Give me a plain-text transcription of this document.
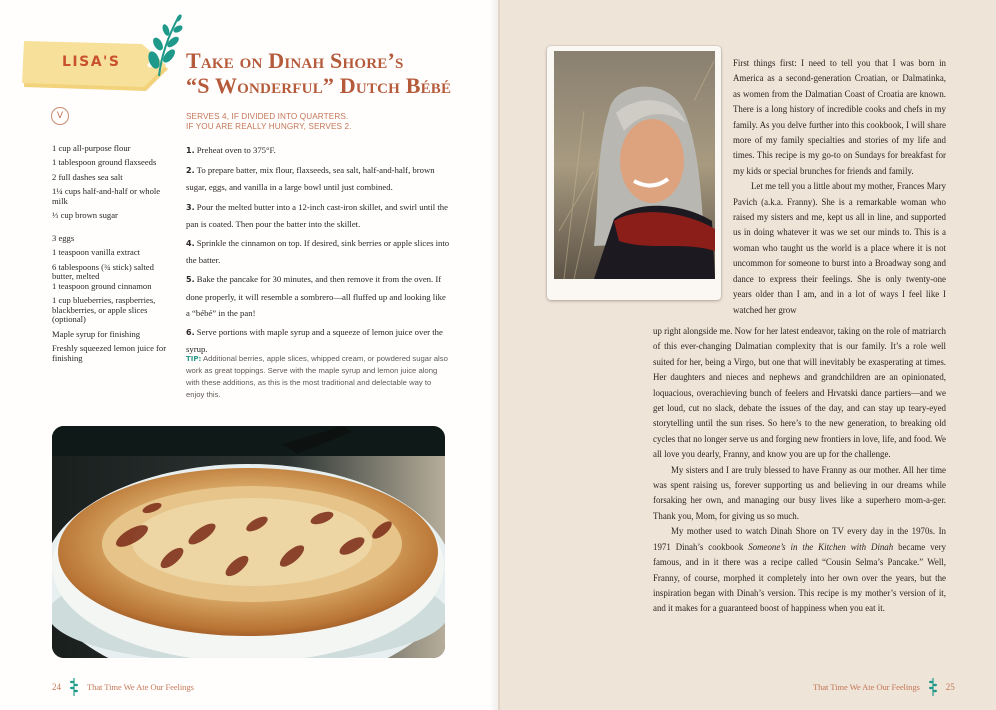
LISA'S	Take on Dinah Shore’s
“S Wonderful” Dutch Bébé
V	SERVES 4, IF DIVIDED INTO QUARTERS.
IF YOU ARE REALLY HUNGRY, SERVES 2.
1 cup all-purpose flour
1 tablespoon ground flaxseeds
2 full dashes sea salt
1¼ cups half-and-half or whole milk
⅓ cup brown sugar
3 eggs
1 teaspoon vanilla extract
6 tablespoons (¾ stick) salted butter, melted
1 teaspoon ground cinnamon
1 cup blueberries, raspberries, blackberries, or apple slices (optional)
Maple syrup for finishing
Freshly squeezed lemon juice for finishing
1. Preheat oven to 375°F.
2. To prepare batter, mix flour, flaxseeds, sea salt, half-and-half, brown sugar, eggs, and vanilla in a large bowl until just combined.
3. Pour the melted butter into a 12-inch cast-iron skillet, and swirl until the pan is coated. Then pour the batter into the skillet.
4. Sprinkle the cinnamon on top. If desired, sink berries or apple slices into the batter.
5. Bake the pancake for 30 minutes, and then remove it from the oven. If done properly, it will resemble a sombrero—all fluffed up and looking like a “bébé” in the pan!
6. Serve portions with maple syrup and a squeeze of lemon juice over the syrup.

TIP: Additional berries, apple slices, whipped cream, or powdered sugar also work as great toppings. Serve with the maple syrup and lemon juice along with these additions, as this is the most traditional and delectable way to enjoy this.

24	That Time We Ate Our Feelings

First things first: I need to tell you that I was born in America as a second-generation Croatian, or Dalmatinka, as women from the Dalmatian Coast of Croatia are known. There is a long history of incredible cooks and chefs in my family. As you delve further into this cookbook, I will share more of my family specialties and stories of my life and times. This recipe is my go-to on Sundays for breakfast for my kids or special brunches for friends and family.

Let me tell you a little about my mother, Frances Mary Pavich (a.k.a. Franny). She is a remarkable woman who raised my sisters and me, kept us all in line, and supported us in doing whatever it was we set our minds to. This is a woman who taught us the world is a place where it is not uncommon for someone to burst into a Broadway song and dance to express their feelings. She is only twenty-one years older than I am, and in a lot of ways I feel like I watched her grow

up right alongside me. Now for her latest endeavor, taking on the role of matriarch of this ever-changing Dalmatian complexity that is our family. It’s a role well suited for her, being a Virgo, but one that will inevitably be exasperating at times. Her daughters and nieces and nephews and grandchildren are an opinionated, loquacious, overachieving bunch of feelers and Hrvatski dance partiers—and we get loud, cut no slack, debate the issues of the day, and can stay up teary-eyed storytelling until the sun rises. So here’s to the new generation, to breaking old cycles that no longer serve us and forging new frontiers in love, life, and food. We all love you dearly, Franny, and know you are up for the challenge.

My sisters and I are truly blessed to have Franny as our mother. All her time was spent raising us, forever supporting us and believing in our dreams while forsaking her own, and managing our busy lives like a superhero mom-a-ger. Thank you, Mom, for giving us so much.

My mother used to watch Dinah Shore on TV every day in the 1970s. In 1971 Dinah’s cookbook Someone’s in the Kitchen with Dinah became very famous, and in it there was a recipe called “Cousin Selma’s Pancake.” Well, Franny, of course, morphed it completely into her own over the years, but the inspiration began with Dinah’s version. This recipe is my mother’s version of it, and it makes for a guaranteed boost of happiness when you eat it.

That Time We Ate Our Feelings	25
